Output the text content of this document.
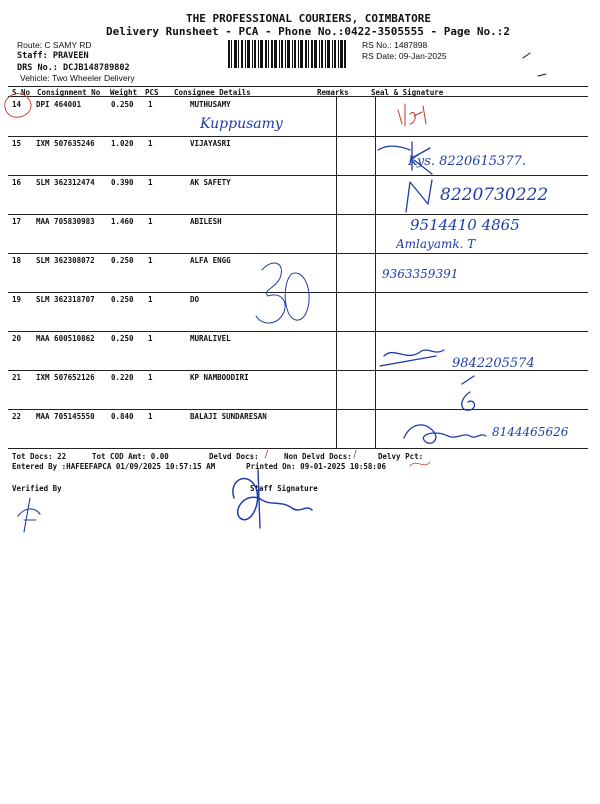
THE PROFESSIONAL COURIERS, COIMBATORE
Delivery Runsheet - PCA - Phone No.:0422-3505555 - Page No.:2
Route: C SAMY RD
Staff: PRAVEEN
DRS No.: DCJB148789802
Vehicle: Two Wheeler Delivery
RS No.: 1487898
RS Date: 09-Jan-2025
S No Consignment No Weight PCS Consignee Details	Remarks	Seal & Signature
14 DPI 464001	0.250 1	MUTHUSAMY
15 IXM 507635246 1.020 1	VIJAYASRI
16 SLM 362312474 0.390 1	AK SAFETY
17 MAA 705830983 1.460 1	ABILESH
18 SLM 362308072 0.250 1	ALFA ENGG
19 SLM 362318707 0.250 1	DO
20 MAA 600510862 0.250 1	MURALIVEL
21 IXM 507652126 0.220 1	KP NAMBOODIRI
22 MAA 705145550 0.840 1	BALAJI SUNDARESAN
Tot Docs: 22	Tot COD Amt: 0.00	Delvd Docs:	Non Delvd Docs:	Delvy Pct:
Entered By :HAFEEFAPCA 01/09/2025 10:57:15 AM	Printed On: 09-01-2025 10:58:06
Verified By	Staff Signature
Kuppusamy
Kys. 8220615377.
8220730222
9514410 4865
Amlayamk. T
9363359391
9842205574
8144465626
